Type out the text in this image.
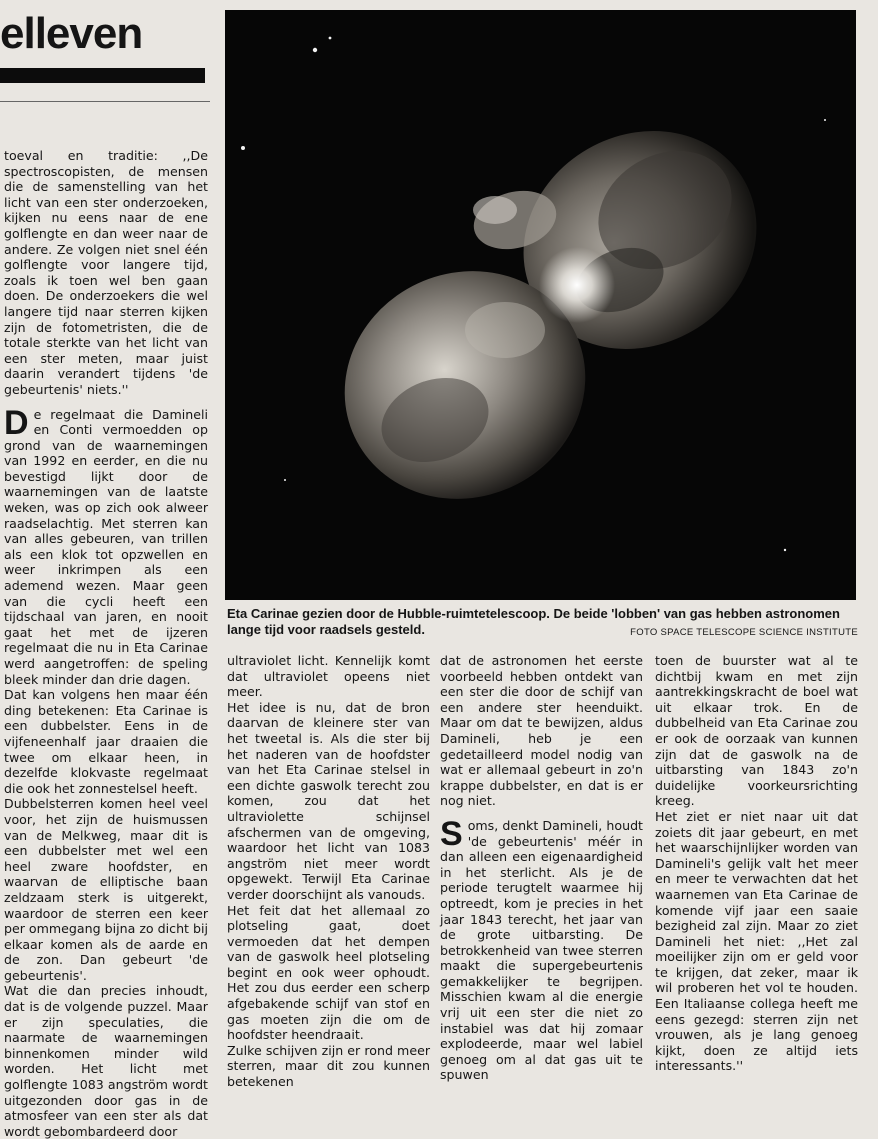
elleven
Eta Carinae gezien door de Hubble-ruimtetelescoop. De beide 'lobben' van gas hebben astronomen lange tijd voor raadsels gesteld.	FOTO SPACE TELESCOPE SCIENCE INSTITUTE

toeval en traditie: ,,De spectroscopisten, de mensen die de samenstelling van het licht van een ster onderzoeken, kijken nu eens naar de ene golflengte en dan weer naar de andere. Ze volgen niet snel één golflengte voor langere tijd, zoals ik toen wel ben gaan doen. De onderzoekers die wel langere tijd naar sterren kijken zijn de fotometristen, die de totale sterkte van het licht van een ster meten, maar juist daarin verandert tijdens 'de gebeurtenis' niets.''

De regelmaat die Damineli en Conti vermoedden op grond van de waarnemingen van 1992 en eerder, en die nu bevestigd lijkt door de waarnemingen van de laatste weken, was op zich ook alweer raadselachtig. Met sterren kan van alles gebeuren, van trillen als een klok tot opzwellen en weer inkrimpen als een ademend wezen. Maar geen van die cycli heeft een tijdschaal van jaren, en nooit gaat het met de ijzeren regelmaat die nu in Eta Carinae werd aangetroffen: de speling bleek minder dan drie dagen.

Dat kan volgens hen maar één ding betekenen: Eta Carinae is een dubbelster. Eens in de vijfeneenhalf jaar draaien die twee om elkaar heen, in dezelfde klokvaste regelmaat die ook het zonnestelsel heeft.

Dubbelsterren komen heel veel voor, het zijn de huismussen van de Melkweg, maar dit is een dubbelster met wel een heel zware hoofdster, en waarvan de elliptische baan zeldzaam sterk is uitgerekt, waardoor de sterren een keer per ommegang bijna zo dicht bij elkaar komen als de aarde en de zon. Dan gebeurt 'de gebeurtenis'.

Wat die dan precies inhoudt, dat is de volgende puzzel. Maar er zijn speculaties, die naarmate de waarnemingen binnenkomen minder wild worden. Het licht met golflengte 1083 angström wordt uitgezonden door gas in de atmosfeer van een ster als dat wordt gebombardeerd door

ultraviolet licht. Kennelijk komt dat ultraviolet opeens niet meer.

Het idee is nu, dat de bron daarvan de kleinere ster van het tweetal is. Als die ster bij het naderen van de hoofdster van het Eta Carinae stelsel in een dichte gaswolk terecht zou komen, zou dat het ultraviolette schijnsel afschermen van de omgeving, waardoor het licht van 1083 angström niet meer wordt opgewekt. Terwijl Eta Carinae verder doorschijnt als vanouds.

Het feit dat het allemaal zo plotseling gaat, doet vermoeden dat het dempen van de gaswolk heel plotseling begint en ook weer ophoudt. Het zou dus eerder een scherp afgebakende schijf van stof en gas moeten zijn die om de hoofdster heendraait.

Zulke schijven zijn er rond meer sterren, maar dit zou kunnen betekenen

dat de astronomen het eerste voorbeeld hebben ontdekt van een ster die door de schijf van een andere ster heenduikt. Maar om dat te bewijzen, aldus Damineli, heb je een gedetailleerd model nodig van wat er allemaal gebeurt in zo'n krappe dubbelster, en dat is er nog niet.

Soms, denkt Damineli, houdt 'de gebeurtenis' méér in dan alleen een eigenaardigheid in het sterlicht. Als je de periode terugtelt waarmee hij optreedt, kom je precies in het jaar 1843 terecht, het jaar van de grote uitbarsting. De betrokkenheid van twee sterren maakt die supergebeurtenis gemakkelijker te begrijpen. Misschien kwam al die energie vrij uit een ster die niet zo instabiel was dat hij zomaar explodeerde, maar wel labiel genoeg om al dat gas uit te spuwen

toen de buurster wat al te dichtbij kwam en met zijn aantrekkingskracht de boel wat uit elkaar trok. En de dubbelheid van Eta Carinae zou er ook de oorzaak van kunnen zijn dat de gaswolk na de uitbarsting van 1843 zo'n duidelijke voorkeursrichting kreeg.

Het ziet er niet naar uit dat zoiets dit jaar gebeurt, en met het waarschijnlijker worden van Damineli's gelijk valt het meer en meer te verwachten dat het waarnemen van Eta Carinae de komende vijf jaar een saaie bezigheid zal zijn. Maar zo ziet Damineli het niet: ,,Het zal moeilijker zijn om er geld voor te krijgen, dat zeker, maar ik wil proberen het vol te houden. Een Italiaanse collega heeft me eens gezegd: sterren zijn net vrouwen, als je lang genoeg kijkt, doen ze altijd iets interessants.''
